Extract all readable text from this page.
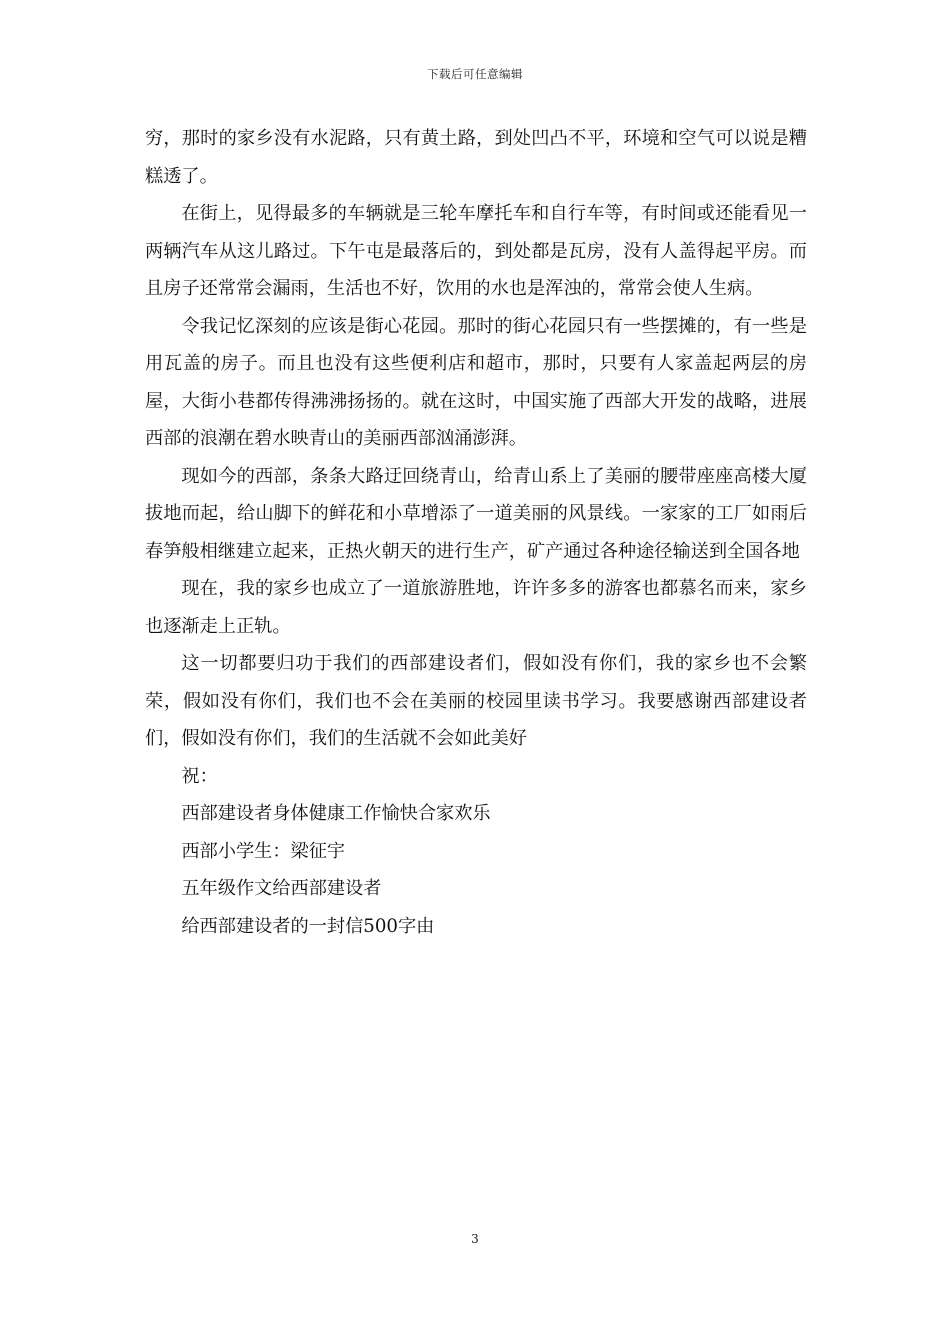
下载后可任意编辑

穷，那时的家乡没有水泥路，只有黄土路，到处凹凸不平，环境和空气可以说是糟糕透了。

在街上，见得最多的车辆就是三轮车摩托车和自行车等，有时间或还能看见一两辆汽车从这儿路过。下午屯是最落后的，到处都是瓦房，没有人盖得起平房。而且房子还常常会漏雨，生活也不好，饮用的水也是浑浊的，常常会使人生病。

令我记忆深刻的应该是街心花园。那时的街心花园只有一些摆摊的，有一些是用瓦盖的房子。而且也没有这些便利店和超市，那时，只要有人家盖起两层的房屋，大街小巷都传得沸沸扬扬的。就在这时，中国实施了西部大开发的战略，进展西部的浪潮在碧水映青山的美丽西部汹涌澎湃。

现如今的西部，条条大路迂回绕青山，给青山系上了美丽的腰带座座高楼大厦拔地而起，给山脚下的鲜花和小草增添了一道美丽的风景线。一家家的工厂如雨后春笋般相继建立起来，正热火朝天的进行生产，矿产通过各种途径输送到全国各地

现在，我的家乡也成立了一道旅游胜地，许许多多的游客也都慕名而来，家乡也逐渐走上正轨。

这一切都要归功于我们的西部建设者们，假如没有你们，我的家乡也不会繁荣，假如没有你们，我们也不会在美丽的校园里读书学习。我要感谢西部建设者们，假如没有你们，我们的生活就不会如此美好

祝：

西部建设者身体健康工作愉快合家欢乐

西部小学生：梁征宇

五年级作文给西部建设者

给西部建设者的一封信500字由

3
